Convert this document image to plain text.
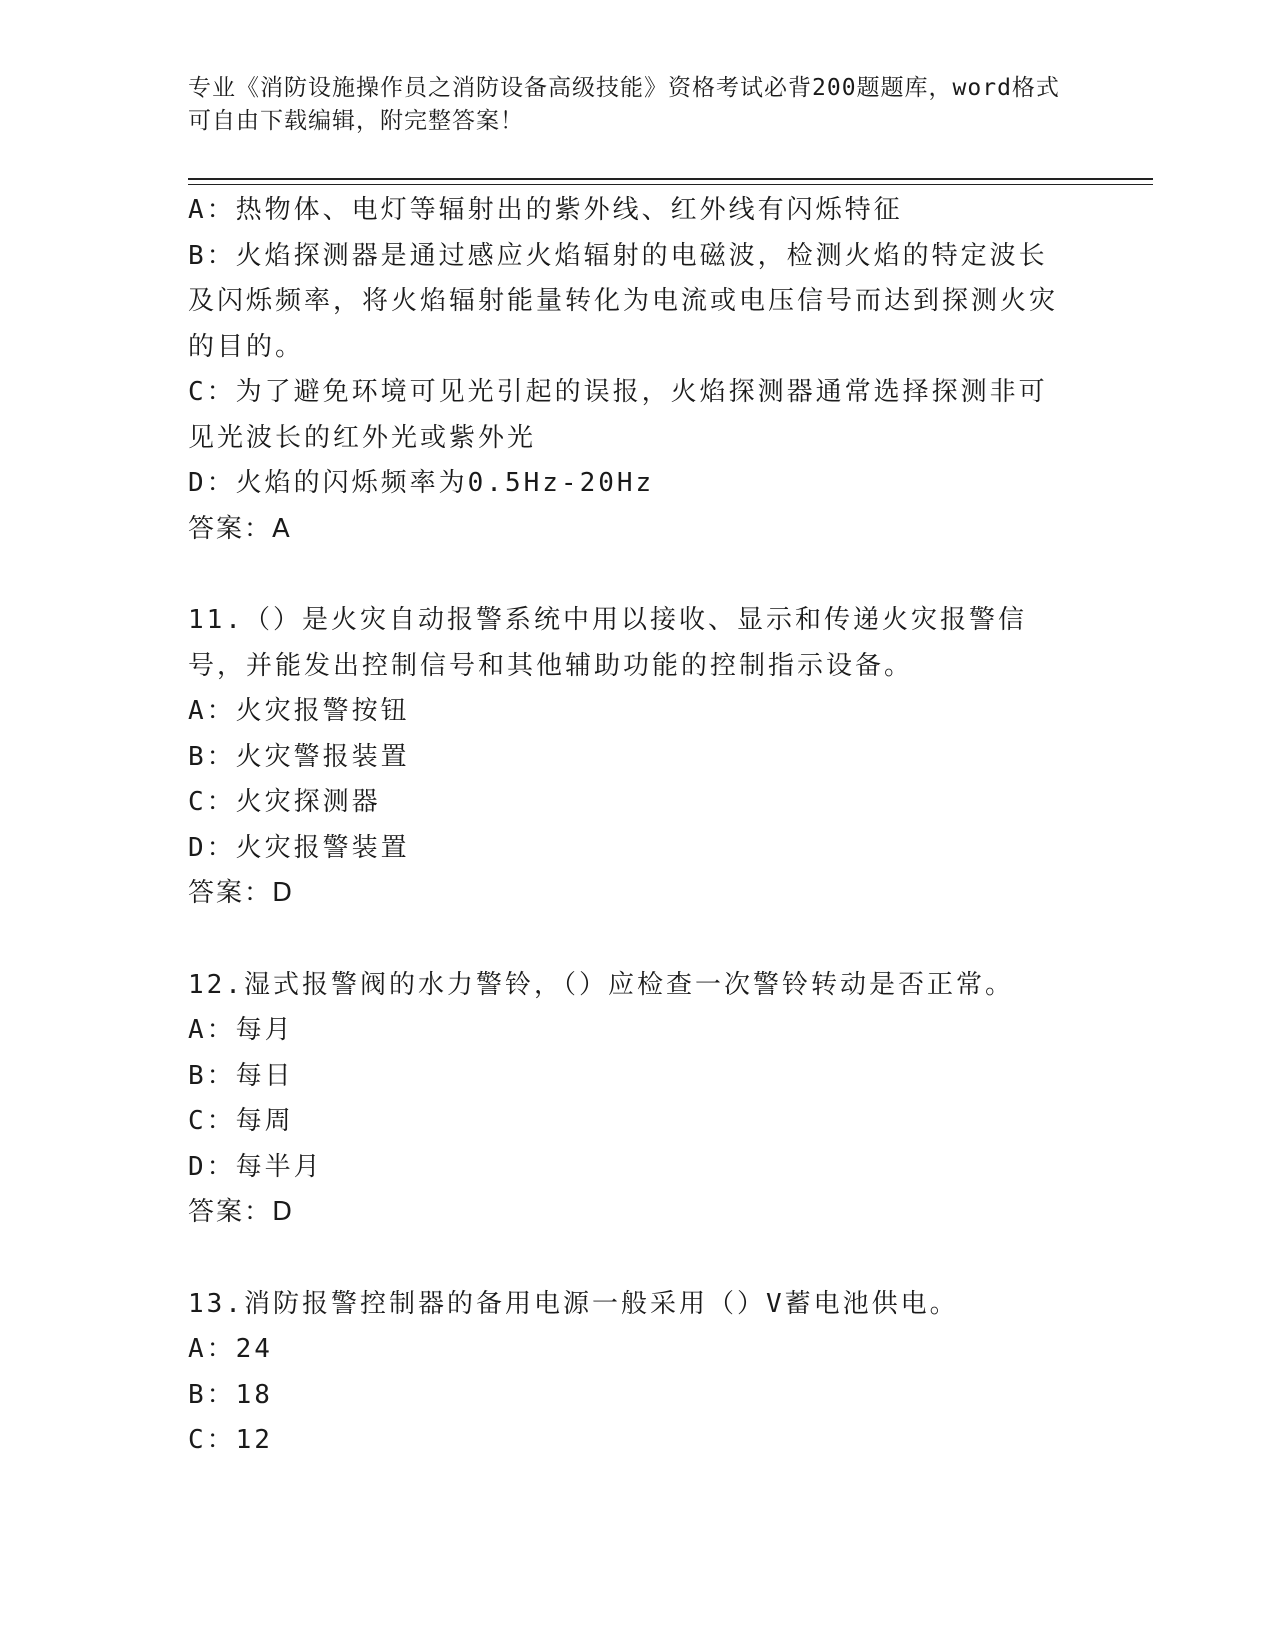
专业《消防设施操作员之消防设备高级技能》资格考试必背200题题库，word格式可自由下载编辑，附完整答案！

A：热物体、电灯等辐射出的紫外线、红外线有闪烁特征

B：火焰探测器是通过感应火焰辐射的电磁波，检测火焰的特定波长及闪烁频率，将火焰辐射能量转化为电流或电压信号而达到探测火灾的目的。

C：为了避免环境可见光引起的误报，火焰探测器通常选择探测非可见光波长的红外光或紫外光

D：火焰的闪烁频率为0.5Hz-20Hz

答案：A

11.（）是火灾自动报警系统中用以接收、显示和传递火灾报警信号，并能发出控制信号和其他辅助功能的控制指示设备。

A：火灾报警按钮

B：火灾警报装置

C：火灾探测器

D：火灾报警装置

答案：D

12.湿式报警阀的水力警铃，（）应检查一次警铃转动是否正常。

A：每月

B：每日

C：每周

D：每半月

答案：D

13.消防报警控制器的备用电源一般采用（）V蓄电池供电。

A：24

B：18

C：12
